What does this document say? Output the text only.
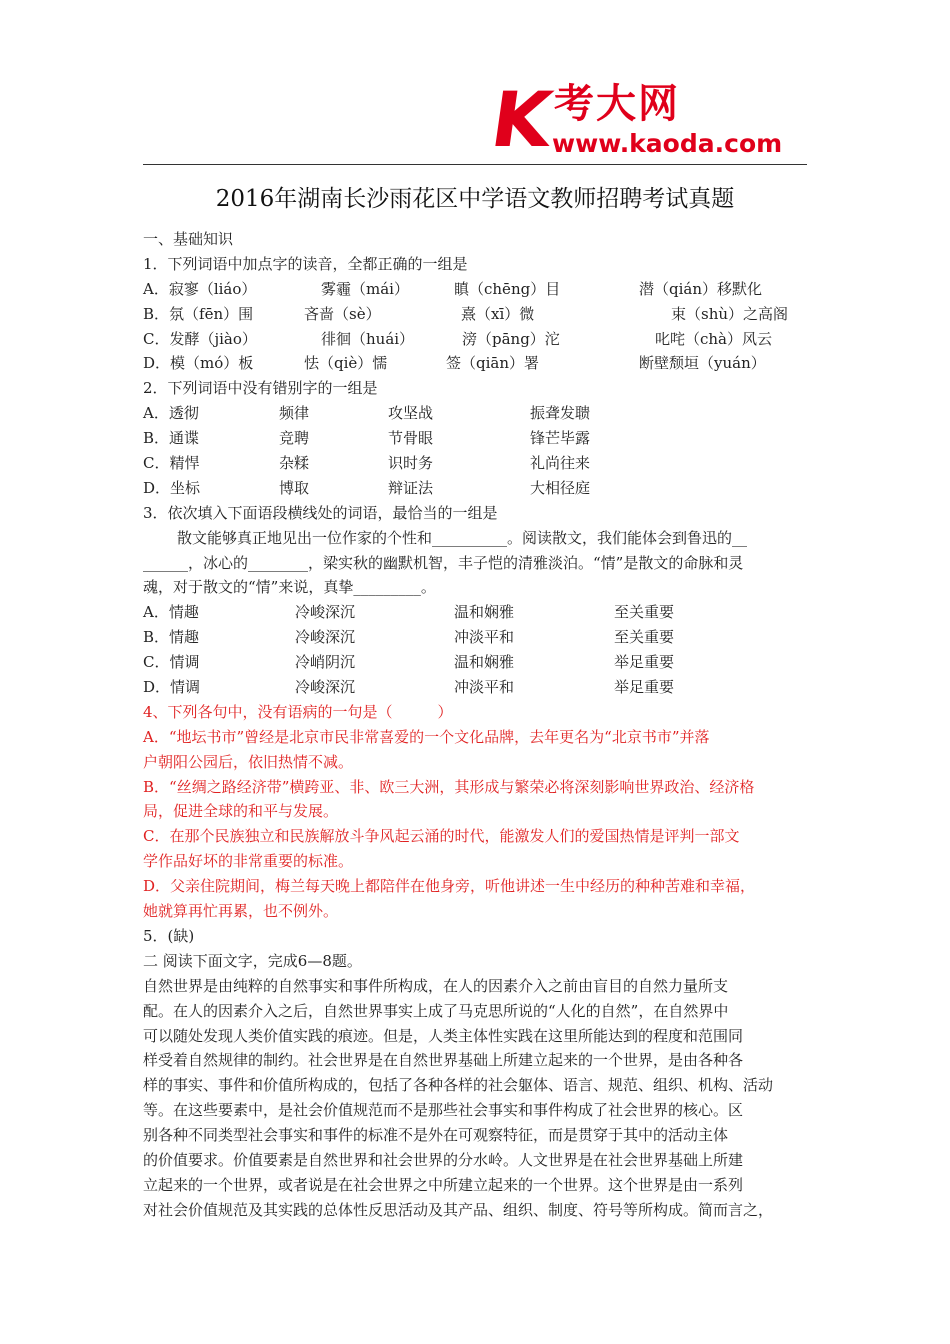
K
考大网
www.kaoda.com
2016年湖南长沙雨花区中学语文教师招聘考试真题
一、基础知识
1．下列词语中加点字的读音，全都正确的一组是
A．寂寥（liáo）	雾霾（mái）	瞋（chēng）目	潜（qián）移默化
B．氛（fēn）围	吝啬（sè）	熹（xī）微	束（shù）之高阁
C．发酵（jiào）	徘徊（huái）	滂（pāng）沱	叱咤（chà）风云
D．模（mó）板	怯（qiè）懦	签（qiān）署	断壁颓垣（yuán）
2．下列词语中没有错别字的一组是
A．透彻	频律	攻坚战	振聋发聩
B．通谍	竞聘	节骨眼	锋芒毕露
C．精悍	杂糅	识时务	礼尚往来
D．坐标	博取	辩证法	大相径庭
3．依次填入下面语段横线处的词语，最恰当的一组是
散文能够真正地见出一位作家的个性和__________。阅读散文，我们能体会到鲁迅的__
______，冰心的________，梁实秋的幽默机智，丰子恺的清雅淡泊。“情”是散文的命脉和灵
魂，对于散文的“情”来说，真挚_________。
A．情趣	冷峻深沉	温和娴雅	至关重要
B．情趣	冷峻深沉	冲淡平和	至关重要
C．情调	冷峭阴沉	温和娴雅	举足重要
D．情调	冷峻深沉	冲淡平和	举足重要
4、下列各句中，没有语病的一句是（　　　）
A．“地坛书市”曾经是北京市民非常喜爱的一个文化品牌，去年更名为“北京书市”并落
户朝阳公园后，依旧热情不减。
B．“丝绸之路经济带”横跨亚、非、欧三大洲，其形成与繁荣必将深刻影响世界政治、经济格
局，促进全球的和平与发展。
C．在那个民族独立和民族解放斗争风起云涌的时代，能激发人们的爱国热情是评判一部文
学作品好坏的非常重要的标准。
D．父亲住院期间，梅兰每天晚上都陪伴在他身旁，听他讲述一生中经历的种种苦难和幸福，
她就算再忙再累，也不例外。
5．(缺)
二 阅读下面文字，完成6—8题。
自然世界是由纯粹的自然事实和事件所构成，在人的因素介入之前由盲目的自然力量所支
配。在人的因素介入之后，自然世界事实上成了马克思所说的“人化的自然”，在自然界中
可以随处发现人类价值实践的痕迹。但是，人类主体性实践在这里所能达到的程度和范围同
样受着自然规律的制约。社会世界是在自然世界基础上所建立起来的一个世界，是由各种各
样的事实、事件和价值所构成的，包括了各种各样的社会躯体、语言、规范、组织、机构、活动
等。在这些要素中，是社会价值规范而不是那些社会事实和事件构成了社会世界的核心。区
别各种不同类型社会事实和事件的标准不是外在可观察特征，而是贯穿于其中的活动主体
的价值要求。价值要素是自然世界和社会世界的分水岭。人文世界是在社会世界基础上所建
立起来的一个世界，或者说是在社会世界之中所建立起来的一个世界。这个世界是由一系列
对社会价值规范及其实践的总体性反思活动及其产品、组织、制度、符号等所构成。简而言之，
